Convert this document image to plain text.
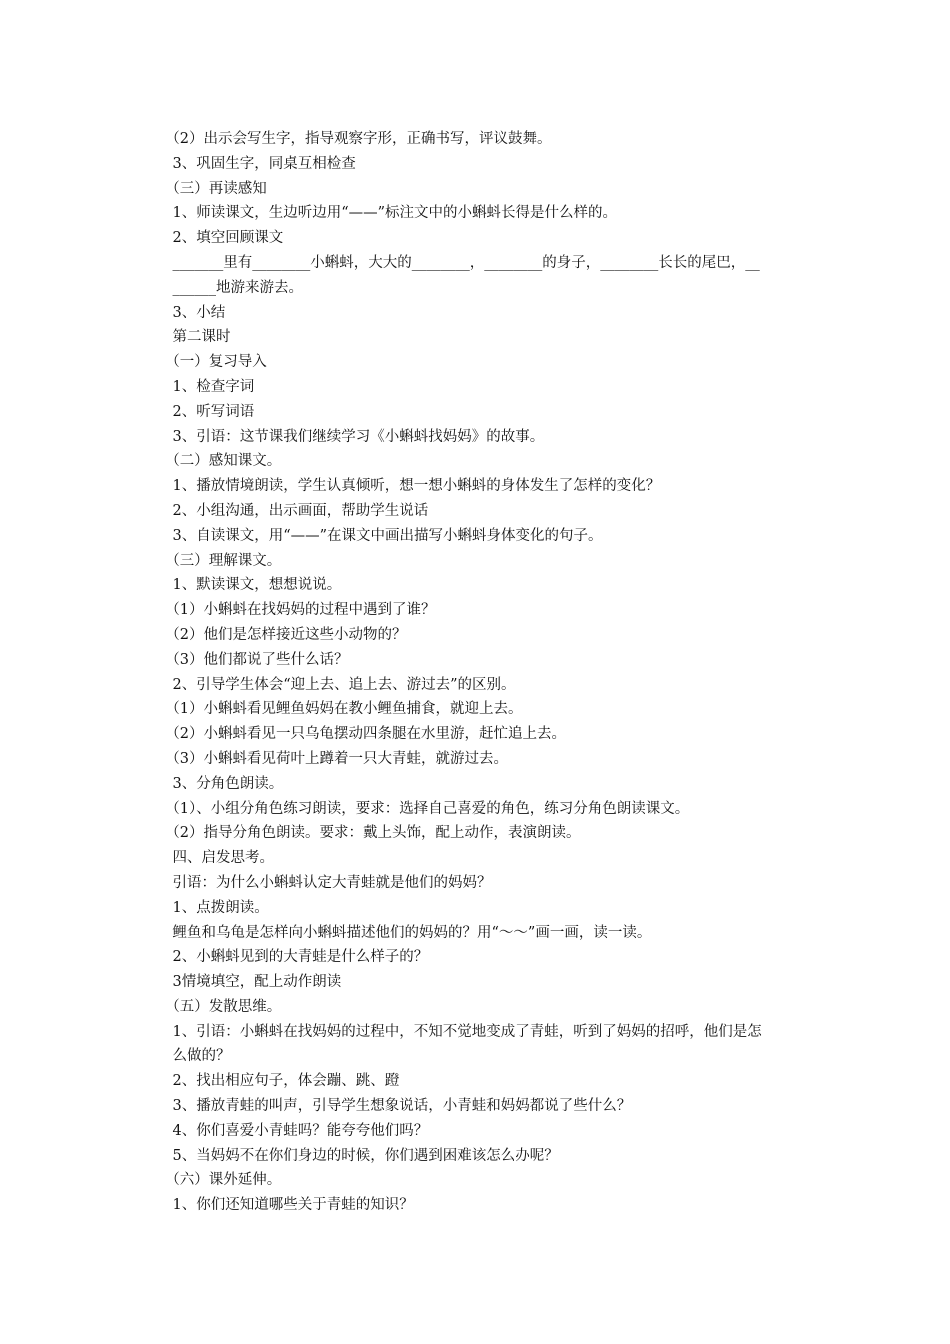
　（2）出示会写生字，指导观察字形，正确书写，评议鼓舞。
　3、巩固生字，同桌互相检查
　（三）再读感知
　1、师读课文，生边听边用“——”标注文中的小蝌蚪长得是什么样的。
　2、填空回顾课文
　_______里有________小蝌蚪，大大的________，________的身子，________长长的尾巴，__
　______地游来游去。
　3、小结
　第二课时
　（一）复习导入
　1、检查字词
　2、听写词语
　3、引语：这节课我们继续学习《小蝌蚪找妈妈》的故事。
　（二）感知课文。
　1、播放情境朗读，学生认真倾听，想一想小蝌蚪的身体发生了怎样的变化？
　2、小组沟通，出示画面，帮助学生说话
　3、自读课文，用“——”在课文中画出描写小蝌蚪身体变化的句子。
　（三）理解课文。
　1、默读课文，想想说说。
　（1）小蝌蚪在找妈妈的过程中遇到了谁？
　（2）他们是怎样接近这些小动物的？
　（3）他们都说了些什么话？
　2、引导学生体会“迎上去、追上去、游过去”的区别。
　（1）小蝌蚪看见鲤鱼妈妈在教小鲤鱼捕食，就迎上去。
　（2）小蝌蚪看见一只乌龟摆动四条腿在水里游，赶忙追上去。
　（3）小蝌蚪看见荷叶上蹲着一只大青蛙，就游过去。
　3、分角色朗读。
　（1）、小组分角色练习朗读，要求：选择自己喜爱的角色，练习分角色朗读课文。
　（2）指导分角色朗读。要求：戴上头饰，配上动作，表演朗读。
　四、启发思考。
　引语：为什么小蝌蚪认定大青蛙就是他们的妈妈？
　1、点拨朗读。
　鲤鱼和乌龟是怎样向小蝌蚪描述他们的妈妈的？用“～～”画一画，读一读。
　2、小蝌蚪见到的大青蛙是什么样子的？
　3情境填空，配上动作朗读
　（五）发散思维。
　1、引语：小蝌蚪在找妈妈的过程中，不知不觉地变成了青蛙，听到了妈妈的招呼，他们是怎
　么做的？
　2、找出相应句子，体会蹦、跳、蹬
　3、播放青蛙的叫声，引导学生想象说话，小青蛙和妈妈都说了些什么？
　4、你们喜爱小青蛙吗？能夸夸他们吗？
　5、当妈妈不在你们身边的时候，你们遇到困难该怎么办呢？
　（六）课外延伸。
　1、你们还知道哪些关于青蛙的知识？
